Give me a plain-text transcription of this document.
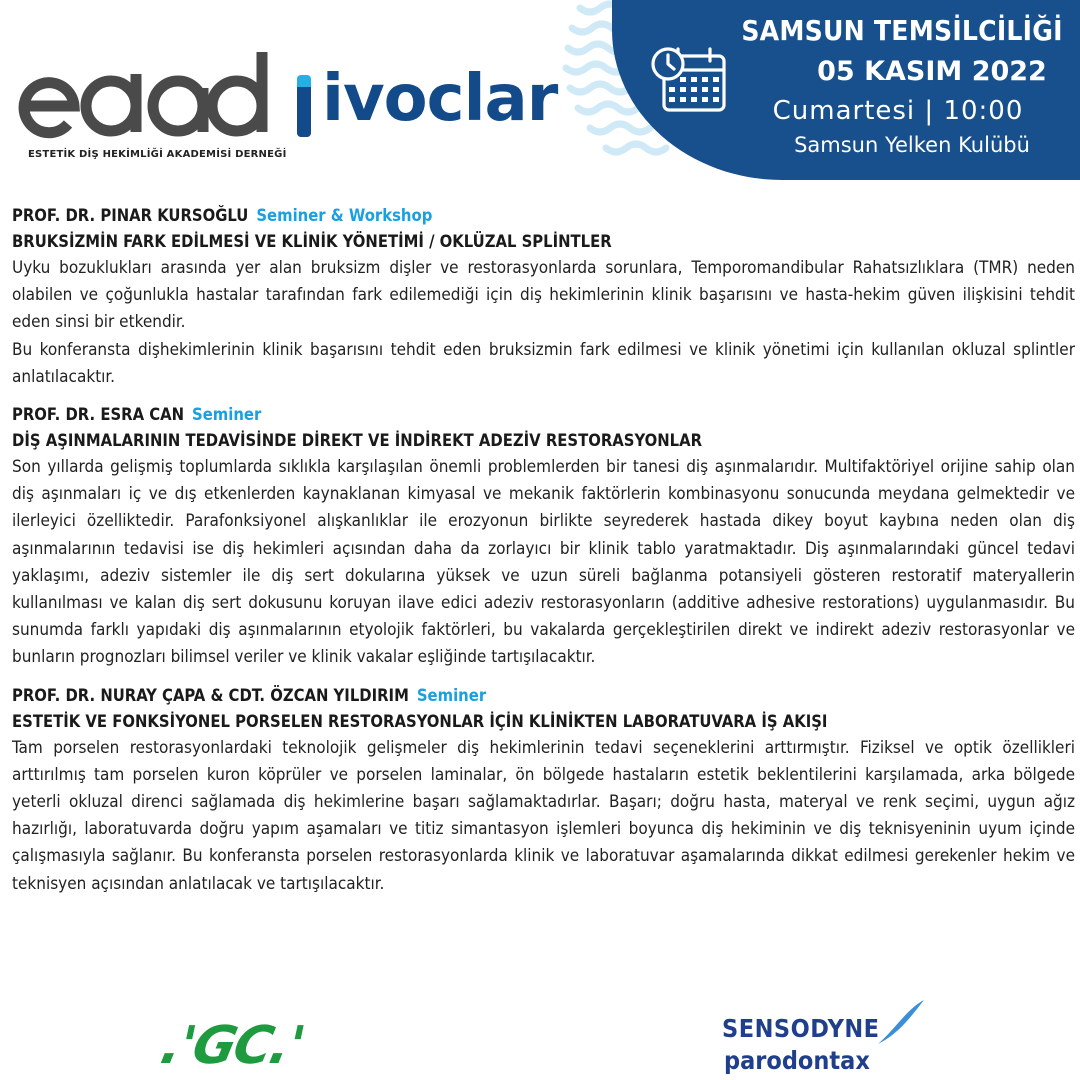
SAMSUN TEMSİLCİLİĞİ
05 KASIM 2022
Cumartesi | 10:00
Samsun Yelken Kulübü
ESTETİK DİŞ HEKİMLİĞİ AKADEMİSİ DERNEĞİ
ivoclar
PROF. DR. PINAR KURSOĞLU Seminer & Workshop
BRUKSİZMİN FARK EDİLMESİ VE KLİNİK YÖNETİMİ / OKLÜZAL SPLİNTLER

Uyku bozuklukları arasında yer alan bruksizm dişler ve restorasyonlarda sorunlara, Temporomandibular Rahatsızlıklara (TMR) neden olabilen ve çoğunlukla hastalar tarafından fark edilemediği için diş hekimlerinin klinik başarısını ve hasta-hekim güven ilişkisini tehdit eden sinsi bir etkendir.

Bu konferansta dişhekimlerinin klinik başarısını tehdit eden bruksizmin fark edilmesi ve klinik yönetimi için kullanılan okluzal splintler anlatılacaktır.

PROF. DR. ESRA CAN Seminer
DİŞ AŞINMALARININ TEDAVİSİNDE DİREKT VE İNDİREKT ADEZİV RESTORASYONLAR

Son yıllarda gelişmiş toplumlarda sıklıkla karşılaşılan önemli problemlerden bir tanesi diş aşınmalarıdır. Multifaktöriyel orijine sahip olan diş aşınmaları iç ve dış etkenlerden kaynaklanan kimyasal ve mekanik faktörlerin kombinasyonu sonucunda meydana gelmektedir ve ilerleyici özelliktedir. Parafonksiyonel alışkanlıklar ile erozyonun birlikte seyrederek hastada dikey boyut kaybına neden olan diş aşınmalarının tedavisi ise diş hekimleri açısından daha da zorlayıcı bir klinik tablo yaratmaktadır. Diş aşınmalarındaki güncel tedavi yaklaşımı, adeziv sistemler ile diş sert dokularına yüksek ve uzun süreli bağlanma potansiyeli gösteren restoratif materyallerin kullanılması ve kalan diş sert dokusunu koruyan ilave edici adeziv restorasyonların (additive adhesive restorations) uygulanmasıdır. Bu sunumda farklı yapıdaki diş aşınmalarının etyolojik faktörleri, bu vakalarda gerçekleştirilen direkt ve indirekt adeziv restorasyonlar ve bunların prognozları bilimsel veriler ve klinik vakalar eşliğinde tartışılacaktır.

PROF. DR. NURAY ÇAPA & CDT. ÖZCAN YILDIRIM Seminer
ESTETİK VE FONKSİYONEL PORSELEN RESTORASYONLAR İÇİN KLİNİKTEN LABORATUVARA İŞ AKIŞI

Tam porselen restorasyonlardaki teknolojik gelişmeler diş hekimlerinin tedavi seçeneklerini arttırmıştır. Fiziksel ve optik özellikleri arttırılmış tam porselen kuron köprüler ve porselen laminalar, ön bölgede hastaların estetik beklentilerini karşılamada, arka bölgede yeterli okluzal direnci sağlamada diş hekimlerine başarı sağlamaktadırlar. Başarı; doğru hasta, materyal ve renk seçimi, uygun ağız hazırlığı, laboratuvarda doğru yapım aşamaları ve titiz simantasyon işlemleri boyunca diş hekiminin ve diş teknisyeninin uyum içinde çalışmasıyla sağlanır. Bu konferansta porselen restorasyonlarda klinik ve laboratuvar aşamalarında dikkat edilmesi gerekenler hekim ve teknisyen açısından anlatılacak ve tartışılacaktır.

.'GC.'	SENSODYNE
parodontax
